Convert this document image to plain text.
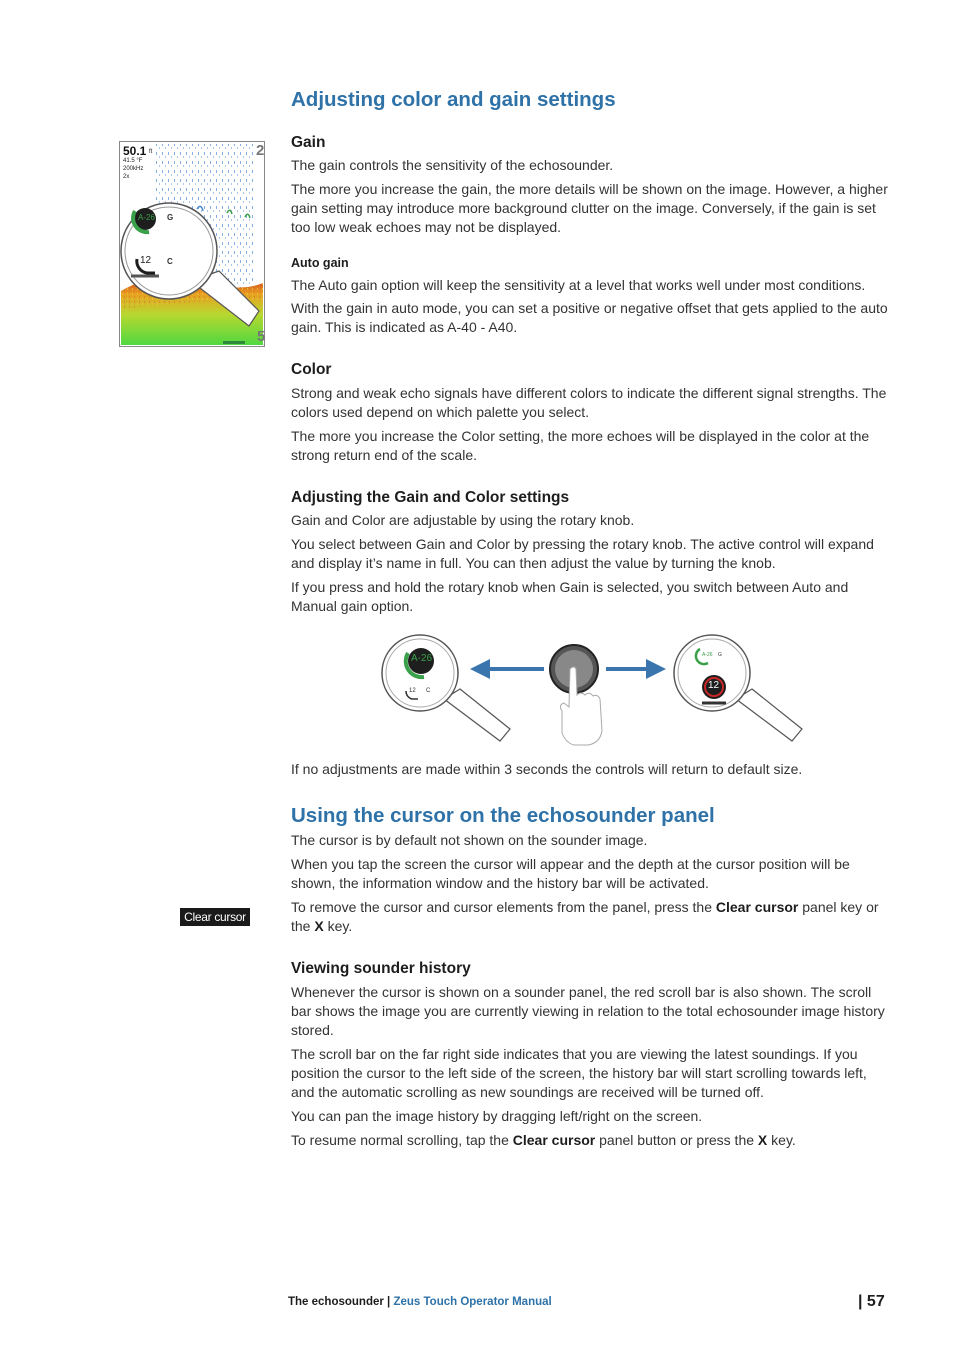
Adjusting color and gain settings
50.1 ft
41.5 °F
200kHz
2x
2
5
A-26 G
12 C
Gain

The gain controls the sensitivity of the echosounder.

The more you increase the gain, the more details will be shown on the image. However, a higher gain setting may introduce more background clutter on the image. Conversely, if the gain is set too low weak echoes may not be displayed.

Auto gain

The Auto gain option will keep the sensitivity at a level that works well under most conditions.

With the gain in auto mode, you can set a positive or negative offset that gets applied to the auto gain. This is indicated as A-40 - A40.

Color

Strong and weak echo signals have different colors to indicate the different signal strengths. The colors used depend on which palette you select.

The more you increase the Color setting, the more echoes will be displayed in the color at the strong return end of the scale.

Adjusting the Gain and Color settings

Gain and Color are adjustable by using the rotary knob.

You select between Gain and Color by pressing the rotary knob. The active control will expand and display it’s name in full. You can then adjust the value by turning the knob.

If you press and hold the rotary knob when Gain is selected, you switch between Auto and Manual gain option.

A-26
12 C
A-26 G
12

If no adjustments are made within 3 seconds the controls will return to default size.

Using the cursor on the echosounder panel

The cursor is by default not shown on the sounder image.

When you tap the screen the cursor will appear and the depth at the cursor position will be shown, the information window and the history bar will be activated.

To remove the cursor and cursor elements from the panel, press the Clear cursor panel key or the X key.

Clear cursor
Viewing sounder history

Whenever the cursor is shown on a sounder panel, the red scroll bar is also shown. The scroll bar shows the image you are currently viewing in relation to the total echosounder image history stored.

The scroll bar on the far right side indicates that you are viewing the latest soundings. If you position the cursor to the left side of the screen, the history bar will start scrolling towards left, and the automatic scrolling as new soundings are received will be turned off.

You can pan the image history by dragging left/right on the screen.

To resume normal scrolling, tap the Clear cursor panel button or press the X key.

The echosounder | Zeus Touch Operator Manual	| 57
